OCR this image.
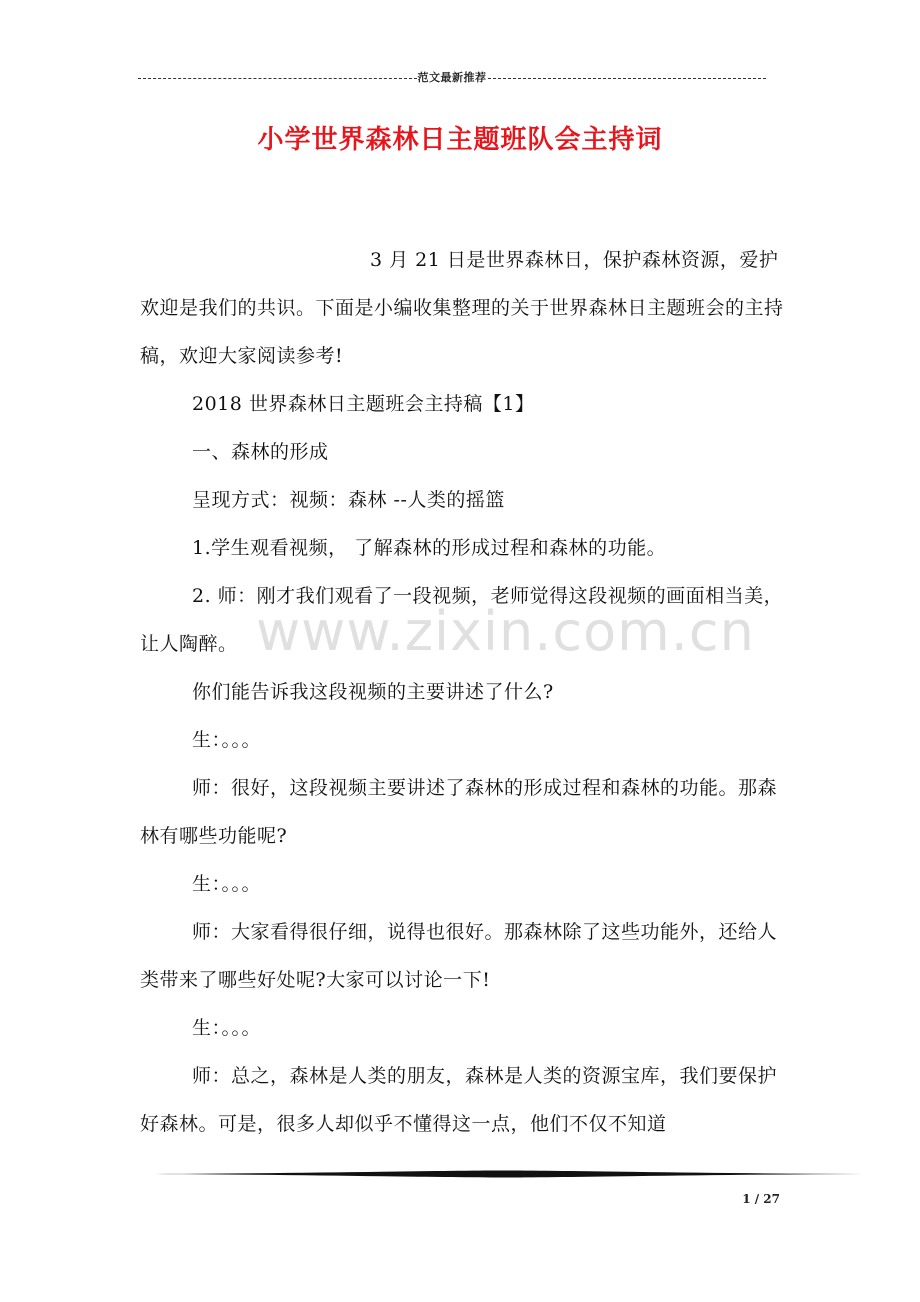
范文最新推荐
小学世界森林日主题班队会主持词

3 月 21 日是世界森林日，保护森林资源，爱护欢迎是我们的共识。下面是小编收集整理的关于世界森林日主题班会的主持稿，欢迎大家阅读参考!

2018 世界森林日主题班会主持稿【1】

一、森林的形成

呈现方式：视频：森林 --人类的摇篮

1.学生观看视频， 了解森林的形成过程和森林的功能。

2. 师：刚才我们观看了一段视频，老师觉得这段视频的画面相当美，让人陶醉。

你们能告诉我这段视频的主要讲述了什么?

生：。。。

师：很好，这段视频主要讲述了森林的形成过程和森林的功能。那森林有哪些功能呢?

生：。。。

师：大家看得很仔细，说得也很好。那森林除了这些功能外，还给人类带来了哪些好处呢?大家可以讨论一下!

生：。。。

师：总之，森林是人类的朋友，森林是人类的资源宝库，我们要保护好森林。可是，很多人却似乎不懂得这一点，他们不仅不知道

www.zixin.com.cn
1 / 27
